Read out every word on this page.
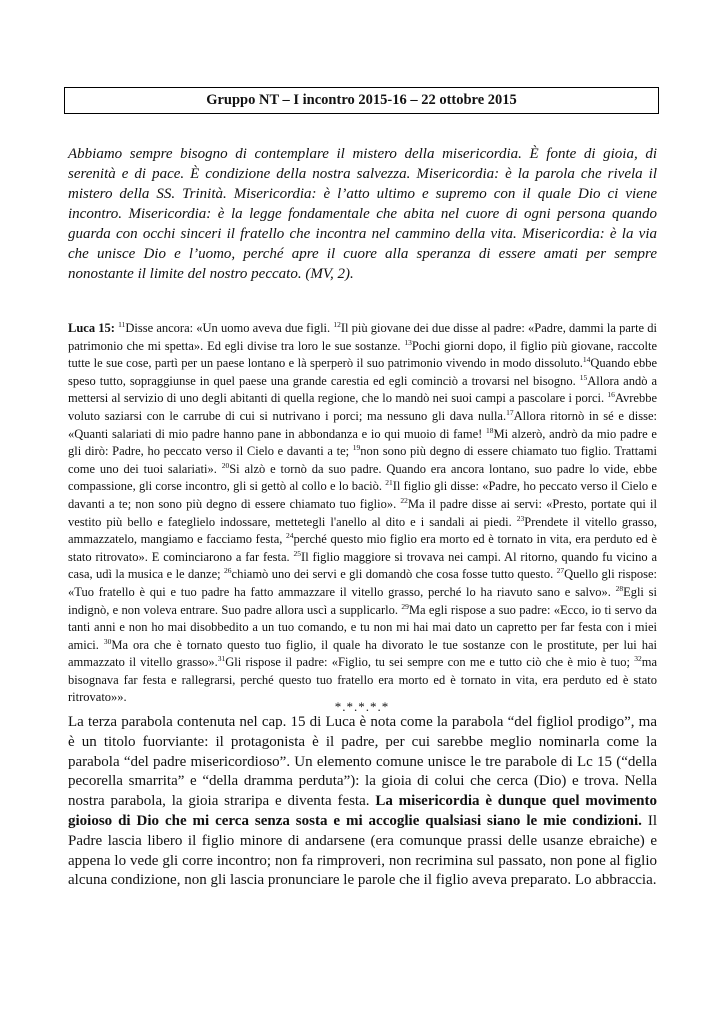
Gruppo NT – I incontro 2015-16 – 22 ottobre 2015

Abbiamo sempre bisogno di contemplare il mistero della misericordia. È fonte di gioia, di serenità e di pace. È condizione della nostra salvezza. Misericordia: è la parola che rivela il mistero della SS. Trinità. Misericordia: è l’atto ultimo e supremo con il quale Dio ci viene incontro. Misericordia: è la legge fondamentale che abita nel cuore di ogni persona quando guarda con occhi sinceri il fratello che incontra nel cammino della vita. Misericordia: è la via che unisce Dio e l’uomo, perché apre il cuore alla speranza di essere amati per sempre nonostante il limite del nostro peccato. (MV, 2).

Luca 15: $^{11}$Disse ancora: «Un uomo aveva due figli. $^{12}$Il più giovane dei due disse al padre: «Padre, dammi la parte di patrimonio che mi spetta». Ed egli divise tra loro le sue sostanze. $^{13}$Pochi giorni dopo, il figlio più giovane, raccolte tutte le sue cose, partì per un paese lontano e là sperperò il suo patrimonio vivendo in modo dissoluto.$^{14}$Quando ebbe speso tutto, sopraggiunse in quel paese una grande carestia ed egli cominciò a trovarsi nel bisogno. $^{15}$Allora andò a mettersi al servizio di uno degli abitanti di quella regione, che lo mandò nei suoi campi a pascolare i porci. $^{16}$Avrebbe voluto saziarsi con le carrube di cui si nutrivano i porci; ma nessuno gli dava nulla.$^{17}$Allora ritornò in sé e disse: «Quanti salariati di mio padre hanno pane in abbondanza e io qui muoio di fame! $^{18}$Mi alzerò, andrò da mio padre e gli dirò: Padre, ho peccato verso il Cielo e davanti a te; $^{19}$non sono più degno di essere chiamato tuo figlio. Trattami come uno dei tuoi salariati». $^{20}$Si alzò e tornò da suo padre. Quando era ancora lontano, suo padre lo vide, ebbe compassione, gli corse incontro, gli si gettò al collo e lo baciò. $^{21}$Il figlio gli disse: «Padre, ho peccato verso il Cielo e davanti a te; non sono più degno di essere chiamato tuo figlio». $^{22}$Ma il padre disse ai servi: «Presto, portate qui il vestito più bello e fateglielo indossare, mettetegli l'anello al dito e i sandali ai piedi. $^{23}$Prendete il vitello grasso, ammazzatelo, mangiamo e facciamo festa, $^{24}$perché questo mio figlio era morto ed è tornato in vita, era perduto ed è stato ritrovato». E cominciarono a far festa. $^{25}$Il figlio maggiore si trovava nei campi. Al ritorno, quando fu vicino a casa, udì la musica e le danze; $^{26}$chiamò uno dei servi e gli domandò che cosa fosse tutto questo. $^{27}$Quello gli rispose: «Tuo fratello è qui e tuo padre ha fatto ammazzare il vitello grasso, perché lo ha riavuto sano e salvo». $^{28}$Egli si indignò, e non voleva entrare. Suo padre allora uscì a supplicarlo. $^{29}$Ma egli rispose a suo padre: «Ecco, io ti servo da tanti anni e non ho mai disobbedito a un tuo comando, e tu non mi hai mai dato un capretto per far festa con i miei amici. $^{30}$Ma ora che è tornato questo tuo figlio, il quale ha divorato le tue sostanze con le prostitute, per lui hai ammazzato il vitello grasso».$^{31}$Gli rispose il padre: «Figlio, tu sei sempre con me e tutto ciò che è mio è tuo; $^{32}$ma bisognava far festa e rallegrarsi, perché questo tuo fratello era morto ed è tornato in vita, era perduto ed è stato ritrovato»».
*.*.*.*.*

La terza parabola contenuta nel cap. 15 di Luca è nota come la parabola “del figliol prodigo”, ma è un titolo fuorviante: il protagonista è il padre, per cui sarebbe meglio nominarla come la parabola “del padre misericordioso”. Un elemento comune unisce le tre parabole di Lc 15 (“della pecorella smarrita” e “della dramma perduta”): la gioia di colui che cerca (Dio) e trova. Nella nostra parabola, la gioia straripa e diventa festa. La misericordia è dunque quel movimento gioioso di Dio che mi cerca senza sosta e mi accoglie qualsiasi siano le mie condizioni. Il Padre lascia libero il figlio minore di andarsene (era comunque prassi delle usanze ebraiche) e appena lo vede gli corre incontro; non fa rimproveri, non recrimina sul passato, non pone al figlio alcuna condizione, non gli lascia pronunciare le parole che il figlio aveva preparato. Lo abbraccia.
